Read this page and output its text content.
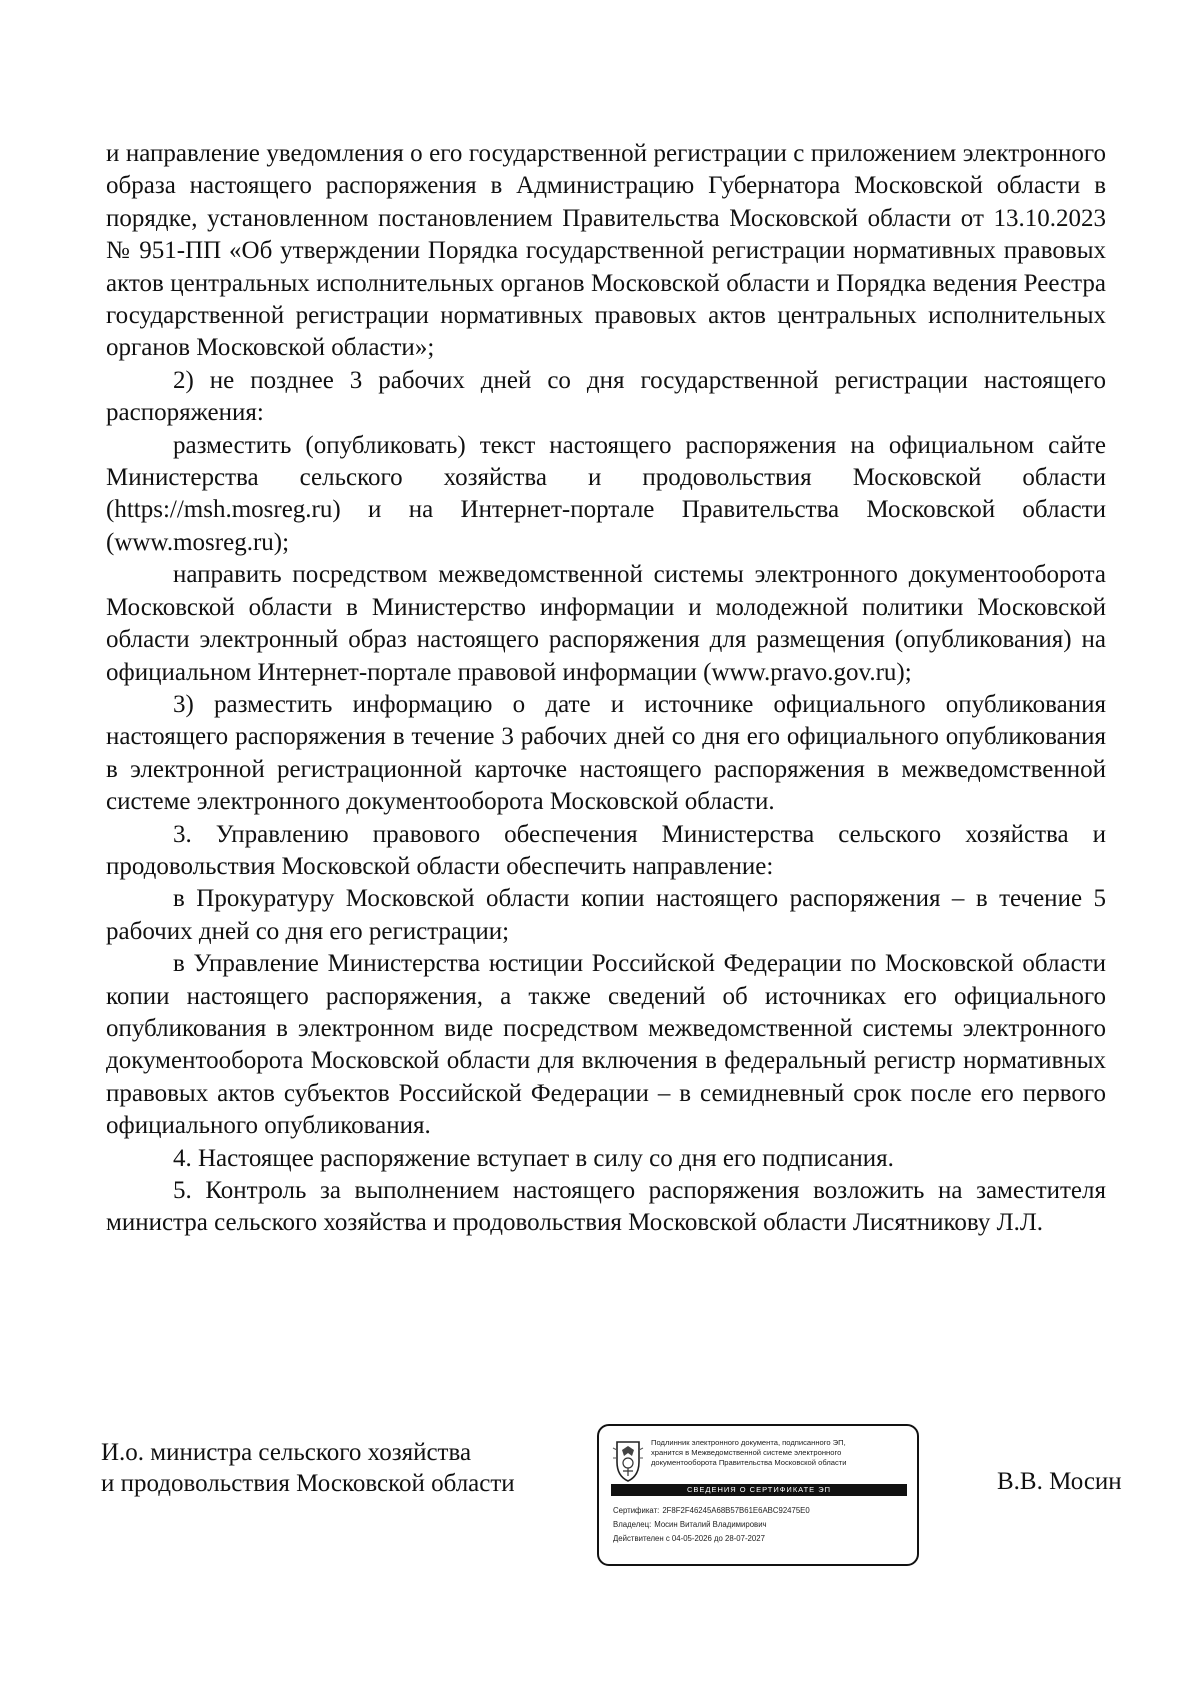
и направление уведомления о его государственной регистрации с приложением электронного образа настоящего распоряжения в Администрацию Губернатора Московской области в порядке, установленном постановлением Правительства Московской области от 13.10.2023 № 951-ПП «Об утверждении Порядка государственной регистрации нормативных правовых актов центральных исполнительных органов Московской области и Порядка ведения Реестра государственной регистрации нормативных правовых актов центральных исполнительных органов Московской области»;

2) не позднее 3 рабочих дней со дня государственной регистрации настоящего распоряжения:

разместить (опубликовать) текст настоящего распоряжения на официальном сайте Министерства сельского хозяйства и продовольствия Московской области (https://msh.mosreg.ru) и на Интернет-портале Правительства Московской области (www.mosreg.ru);

направить посредством межведомственной системы электронного документооборота Московской области в Министерство информации и молодежной политики Московской области электронный образ настоящего распоряжения для размещения (опубликования) на официальном Интернет-портале правовой информации (www.pravo.gov.ru);

3) разместить информацию о дате и источнике официального опубликования настоящего распоряжения в течение 3 рабочих дней со дня его официального опубликования в электронной регистрационной карточке настоящего распоряжения в межведомственной системе электронного документооборота Московской области.

3. Управлению правового обеспечения Министерства сельского хозяйства и продовольствия Московской области обеспечить направление:

в Прокуратуру Московской области копии настоящего распоряжения – в течение 5 рабочих дней со дня его регистрации;

в Управление Министерства юстиции Российской Федерации по Московской области копии настоящего распоряжения, а также сведений об источниках его официального опубликования в электронном виде посредством межведомственной системы электронного документооборота Московской области для включения в федеральный регистр нормативных правовых актов субъектов Российской Федерации – в семидневный срок после его первого официального опубликования.

4. Настоящее распоряжение вступает в силу со дня его подписания.

5. Контроль за выполнением настоящего распоряжения возложить на заместителя министра сельского хозяйства и продовольствия Московской области Лисятникову Л.Л.

И.о. министра сельского хозяйства
и продовольствия Московской области
Подлинник электронного документа, подписанного ЭП,
хранится в Межведомственной системе электронного
документооборота Правительства Московской области
СВЕДЕНИЯ О СЕРТИФИКАТЕ ЭП
Сертификат: 2F8F2F46245A68B57B61E6ABC92475E0
Владелец: Мосин Виталий Владимирович
Действителен с 04-05-2026 до 28-07-2027
В.В. Мосин
